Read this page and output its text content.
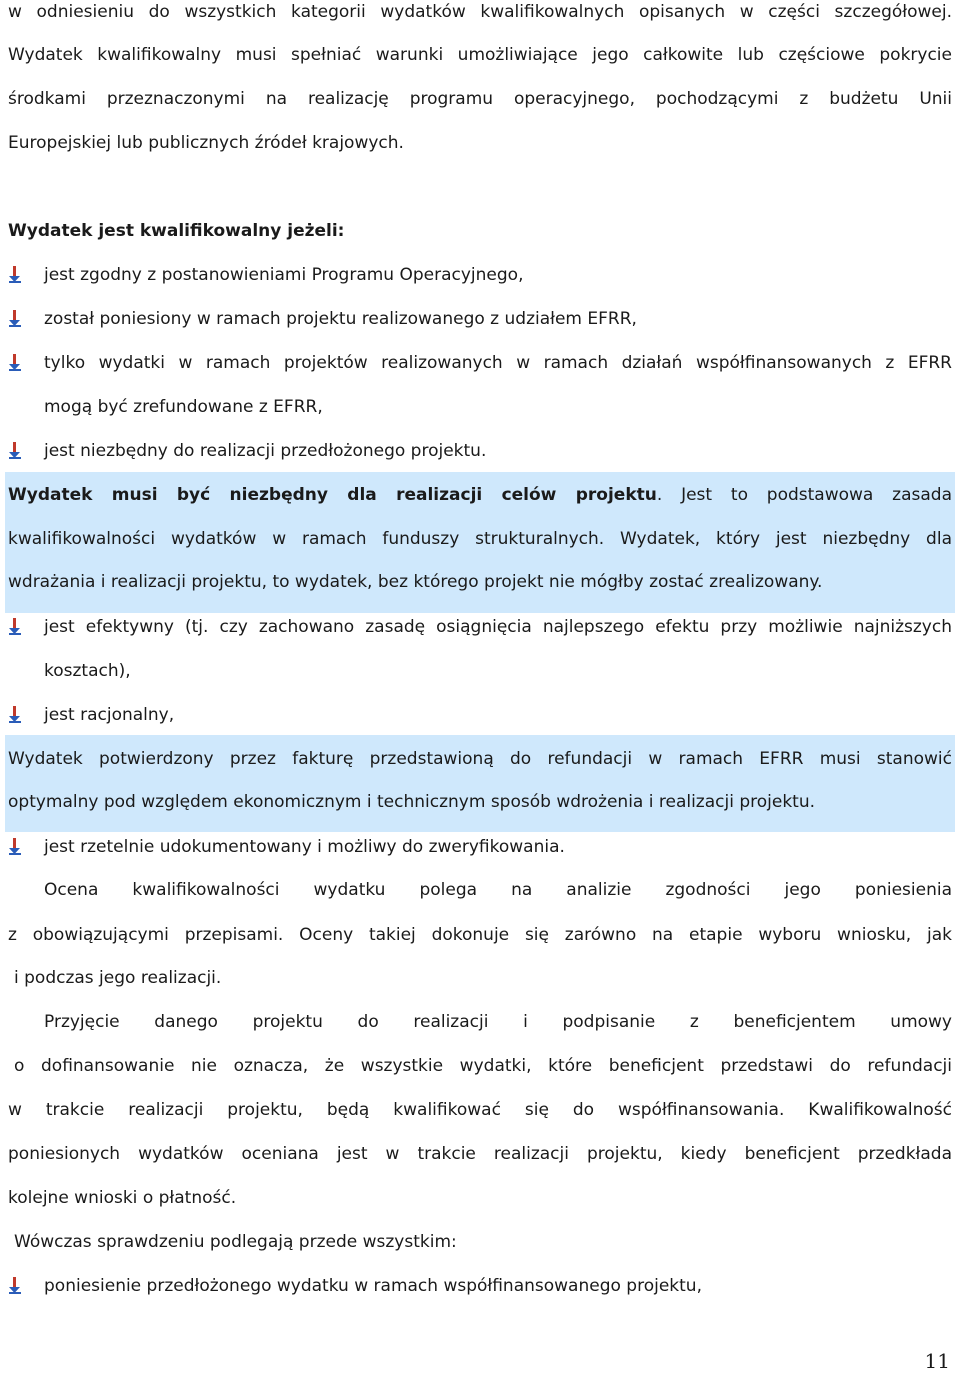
w odniesieniu do wszystkich kategorii wydatków kwalifikowalnych opisanych w części szczegółowej.
Wydatek kwalifikowalny musi spełniać warunki umożliwiające jego całkowite lub częściowe pokrycie
środkami przeznaczonymi na realizację programu operacyjnego, pochodzącymi z budżetu Unii
Europejskiej lub publicznych źródeł krajowych.
Wydatek jest kwalifikowalny jeżeli:
jest zgodny z postanowieniami Programu Operacyjnego,
został poniesiony w ramach projektu realizowanego z udziałem EFRR,
tylko wydatki w ramach projektów realizowanych w ramach działań współfinansowanych z EFRR
mogą być zrefundowane z EFRR,
jest niezbędny do realizacji przedłożonego projektu.
Wydatek musi być niezbędny dla realizacji celów projektu. Jest to podstawowa zasada
kwalifikowalności wydatków w ramach funduszy strukturalnych. Wydatek, który jest niezbędny dla
wdrażania i realizacji projektu, to wydatek, bez którego projekt nie mógłby zostać zrealizowany.
jest efektywny (tj. czy zachowano zasadę osiągnięcia najlepszego efektu przy możliwie najniższych
kosztach),
jest racjonalny,
Wydatek potwierdzony przez fakturę przedstawioną do refundacji w ramach EFRR musi stanowić
optymalny pod względem ekonomicznym i technicznym sposób wdrożenia i realizacji projektu.
jest rzetelnie udokumentowany i możliwy do zweryfikowania.
Ocena kwalifikowalności wydatku polega na analizie zgodności jego poniesienia
z obowiązującymi przepisami. Oceny takiej dokonuje się zarówno na etapie wyboru wniosku, jak
i podczas jego realizacji.
Przyjęcie danego projektu do realizacji i podpisanie z beneficjentem umowy
o dofinansowanie nie oznacza, że wszystkie wydatki, które beneficjent przedstawi do refundacji
w trakcie realizacji projektu, będą kwalifikować się do współfinansowania. Kwalifikowalność
poniesionych wydatków oceniana jest w trakcie realizacji projektu, kiedy beneficjent przedkłada
kolejne wnioski o płatność.
Wówczas sprawdzeniu podlegają przede wszystkim:
poniesienie przedłożonego wydatku w ramach współfinansowanego projektu,
11
